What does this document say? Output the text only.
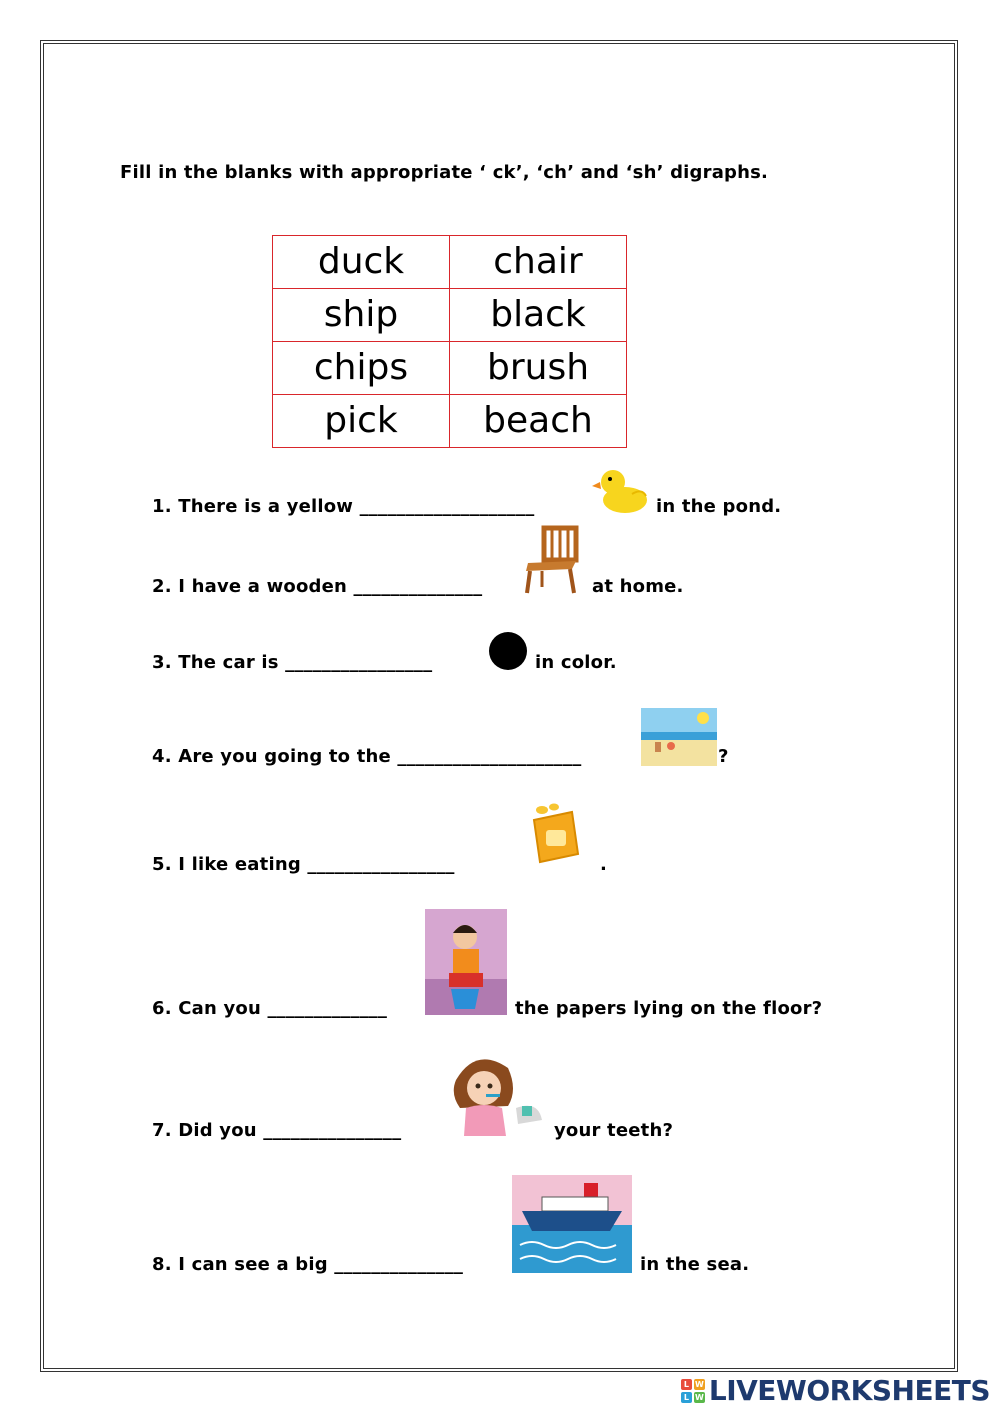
Fill in the blanks with appropriate ‘ ck’, ‘ch’ and ‘sh’ digraphs.
duck	chair
ship	black
chips	brush
pick	beach
1. There is a yellow ___________________	in the pond.
2. I have a wooden ______________	at home.
3. The car is ________________	in color.
4. Are you going to the ____________________	?
5. I like eating ________________	.
6. Can you _____________	the papers lying on the floor?
7. Did you _______________	your teeth?
8. I can see a big ______________	in the sea.
L W
L W LIVEWORKSHEETS
